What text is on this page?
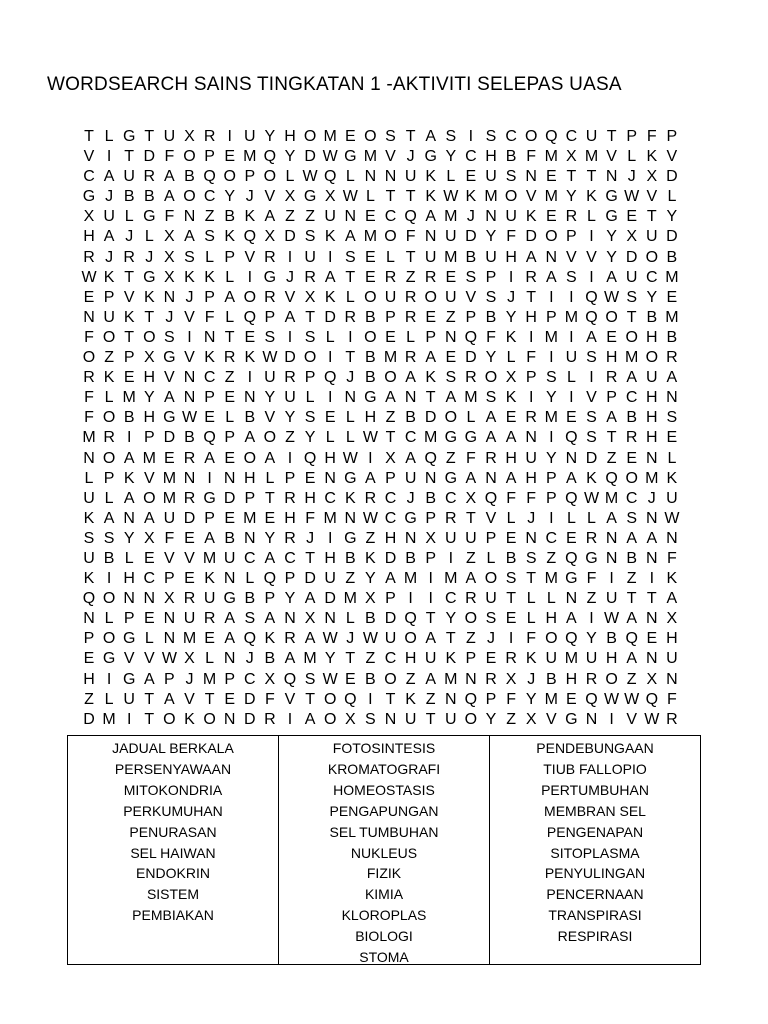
WORDSEARCH SAINS TINGKATAN 1 -AKTIVITI SELEPAS UASA
T L G T U X R I U Y H O M E O S T A S I S C O Q C U T P F P
V I T D F O P E M Q Y D W G M V J G Y C H B F M X M V L K V
C A U R A B Q O P O L W Q L N N U K L E U S N E T T N J X D
G J B B A O C Y J V X G X W L T T K W K M O V M Y K G W V L
X U L G F N Z B K A Z Z U N E C Q A M J N U K E R L G E T Y
H A J L X A S K Q X D S K A M O F N U D Y F D O P I Y X U D
R J R J X S L P V R I U I S E L T U M B U H A N V V Y D O B
W K T G X K K L I G J R A T E R Z R E S P I R A S I A U C M
E P V K N J P A O R V X K L O U R O U V S J T I I Q W S Y E
N U K T J V F L Q P A T D R B P R E Z P B Y H P M Q O T B M
F O T O S I N T E S I S L I O E L P N Q F K I M I A E O H B
O Z P X G V K R K W D O I T B M R A E D Y L F I U S H M O R
R K E H V N C Z I U R P Q J B O A K S R O X P S L I R A U A
F L M Y A N P E N Y U L I N G A N T A M S K I Y I V P C H N
F O B H G W E L B V Y S E L H Z B D O L A E R M E S A B H S
M R I P D B Q P A O Z Y L L W T C M G G A A N I Q S T R H E
N O A M E R A E O A I Q H W I X A Q Z F R H U Y N D Z E N L
L P K V M N I N H L P E N G A P U N G A N A H P A K Q O M K
U L A O M R G D P T R H C K R C J B C X Q F F P Q W M C J U
K A N A U D P E M E H F M N W C G P R T V L J I L L A S N W
S S Y X F E A B N Y R J I G Z H N X U U P E N C E R N A A N
U B L E V V M U C A C T H B K D B P I Z L B S Z Q G N B N F
K I H C P E K N L Q P D U Z Y A M I M A O S T M G F I Z I K
Q O N N X R U G B P Y A D M X P I I C R U T L L N Z U T T A
N L P E N U R A S A N X N L B D Q T Y O S E L H A I W A N X
P O G L N M E A Q K R A W J W U O A T Z J I F O Q Y B Q E H
E G V V W X L N J B A M Y T Z C H U K P E R K U M U H A N U
H I G A P J M P C X Q S W E B O Z A M N R X J B H R O Z X N
Z L U T A V T E D F V T O Q I T K Z N Q P F Y M E Q W W Q F
D M I T O K O N D R I A O X S N U T U O Y Z X V G N I V W R
JADUAL BERKALA
PERSENYAWAAN
MITOKONDRIA
PERKUMUHAN
PENURASAN
SEL HAIWAN
ENDOKRIN
SISTEM
PEMBIAKAN
FOTOSINTESIS
KROMATOGRAFI
HOMEOSTASIS
PENGAPUNGAN
SEL TUMBUHAN
NUKLEUS
FIZIK
KIMIA
KLOROPLAS
BIOLOGI
STOMA
PENDEBUNGAAN
TIUB FALLOPIO
PERTUMBUHAN
MEMBRAN SEL
PENGENAPAN
SITOPLASMA
PENYULINGAN
PENCERNAAN
TRANSPIRASI
RESPIRASI
